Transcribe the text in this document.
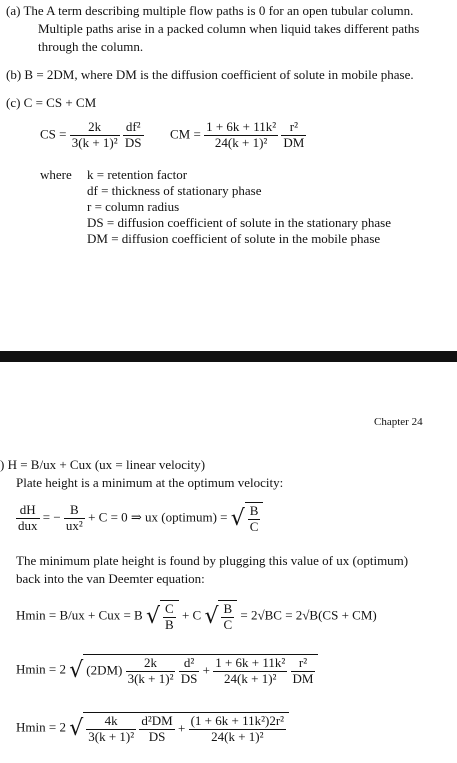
(a) The A term describing multiple flow paths is 0 for an open tubular column.
Multiple paths arise in a packed column when liquid takes different paths
through the column.
(b) B = 2DM, where DM is the diffusion coefficient of solute in mobile phase.
(c) C = CS + CM
CS = $\frac{2k}{\text{3(k + 1)²}}$
$\frac{\text{df²}}{DS}$ CM = $\frac{\text{1 + 6k + 11k²}}{\text{24(k + 1)²}}$
$\frac{\text{r²}}{DM}$
where k = retention factor
df = thickness of stationary phase
r = column radius
DS = diffusion coefficient of solute in the stationary phase
DM = diffusion coefficient of solute in the mobile phase
Chapter 24
) H = B/ux + Cux (ux = linear velocity)
Plate height is a minimum at the optimum velocity:
$\frac{dH}{\text{dux}}$ = − $\frac{B}{\text{ux²}} + C = 0$ ⇒ ux (optimum) = √ $\frac{B}{C}$
The minimum plate height is found by plugging this value of ux (optimum)
back into the van Deemter equation:
Hmin = B/ux + Cux = B √ $\frac{C}{B} + C$ √ $\frac{B}{C} = 2√BC = 2√B(CS + CM)$
Hmin = 2 √ $(2DM) \frac{2k}{\text{3(k + 1)²}}$
$\frac{\text{d²}}{DS} + \frac{\text{1 + 6k + 11k²}}{\text{24(k + 1)²}}$
$\frac{\text{r²}}{DM}$
Hmin = 2 √ $\frac{4k}{\text{3(k + 1)²}}$
$\frac{\text{d²DM}}{DS} + \frac{\text{(1 + 6k + 11k²)2r²}}{\text{24(k + 1)²}}$
